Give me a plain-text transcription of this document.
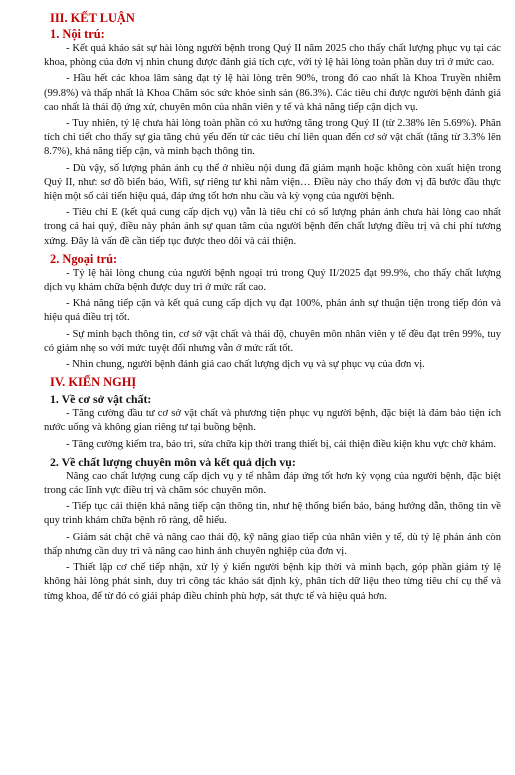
III. KẾT LUẬN
1. Nội trú:

- Kết quả khảo sát sự hài lòng người bệnh trong Quý II năm 2025 cho thấy chất lượng phục vụ tại các khoa, phòng của đơn vị nhìn chung được đánh giá tích cực, với tỷ lệ hài lòng toàn phần duy trì ở mức cao.

- Hầu hết các khoa lâm sàng đạt tỷ lệ hài lòng trên 90%, trong đó cao nhất là Khoa Truyền nhiễm (99.8%) và thấp nhất là Khoa Chăm sóc sức khỏe sinh sản (86.3%). Các tiêu chí được người bệnh đánh giá cao nhất là thái độ ứng xử, chuyên môn của nhân viên y tế và khả năng tiếp cận dịch vụ.

- Tuy nhiên, tỷ lệ chưa hài lòng toàn phần có xu hướng tăng trong Quý II (từ 2.38% lên 5.69%). Phân tích chi tiết cho thấy sự gia tăng chủ yếu đến từ các tiêu chí liên quan đến cơ sở vật chất (tăng từ 3.3% lên 8.7%), khả năng tiếp cận, và minh bạch thông tin.

- Dù vậy, số lượng phản ánh cụ thể ở nhiều nội dung đã giảm mạnh hoặc không còn xuất hiện trong Quý II, như: sơ đồ biển báo, Wifi, sự riêng tư khi nằm viện… Điều này cho thấy đơn vị đã bước đầu thực hiện một số cải tiến hiệu quả, đáp ứng tốt hơn nhu cầu và kỳ vọng của người bệnh.

- Tiêu chí E (kết quả cung cấp dịch vụ) vẫn là tiêu chí có số lượng phản ánh chưa hài lòng cao nhất trong cả hai quý, điều này phản ánh sự quan tâm của người bệnh đến chất lượng điều trị và chi phí tương xứng. Đây là vấn đề cần tiếp tục được theo dõi và cải thiện.

2. Ngoại trú:

- Tỷ lệ hài lòng chung của người bệnh ngoại trú trong Quý II/2025 đạt 99.9%, cho thấy chất lượng dịch vụ khám chữa bệnh được duy trì ở mức rất cao.

- Khả năng tiếp cận và kết quả cung cấp dịch vụ đạt 100%, phản ánh sự thuận tiện trong tiếp đón và hiệu quả điều trị tốt.

- Sự minh bạch thông tin, cơ sở vật chất và thái độ, chuyên môn nhân viên y tế đều đạt trên 99%, tuy có giảm nhẹ so với mức tuyệt đối nhưng vẫn ở mức rất tốt.

- Nhìn chung, người bệnh đánh giá cao chất lượng dịch vụ và sự phục vụ của đơn vị.

IV. KIẾN NGHỊ
1. Về cơ sở vật chất:

- Tăng cường đầu tư cơ sở vật chất và phương tiện phục vụ người bệnh, đặc biệt là đảm bảo tiện ích nước uống và không gian riêng tư tại buồng bệnh.

- Tăng cường kiểm tra, bảo trì, sửa chữa kịp thời trang thiết bị, cải thiện điều kiện khu vực chờ khám.

2. Về chất lượng chuyên môn và kết quả dịch vụ:

Nâng cao chất lượng cung cấp dịch vụ y tế nhằm đáp ứng tốt hơn kỳ vọng của người bệnh, đặc biệt trong các lĩnh vực điều trị và chăm sóc chuyên môn.

- Tiếp tục cải thiện khả năng tiếp cận thông tin, như hệ thống biển báo, bảng hướng dẫn, thông tin về quy trình khám chữa bệnh rõ ràng, dễ hiểu.

- Giám sát chặt chẽ và nâng cao thái độ, kỹ năng giao tiếp của nhân viên y tế, dù tỷ lệ phản ánh còn thấp nhưng cần duy trì và nâng cao hình ảnh chuyên nghiệp của đơn vị.

- Thiết lập cơ chế tiếp nhận, xử lý ý kiến người bệnh kịp thời và minh bạch, góp phần giảm tỷ lệ không hài lòng phát sinh, duy trì công tác khảo sát định kỳ, phân tích dữ liệu theo từng tiêu chí cụ thể và từng khoa, để từ đó có giải pháp điều chỉnh phù hợp, sát thực tế và hiệu quả hơn.
